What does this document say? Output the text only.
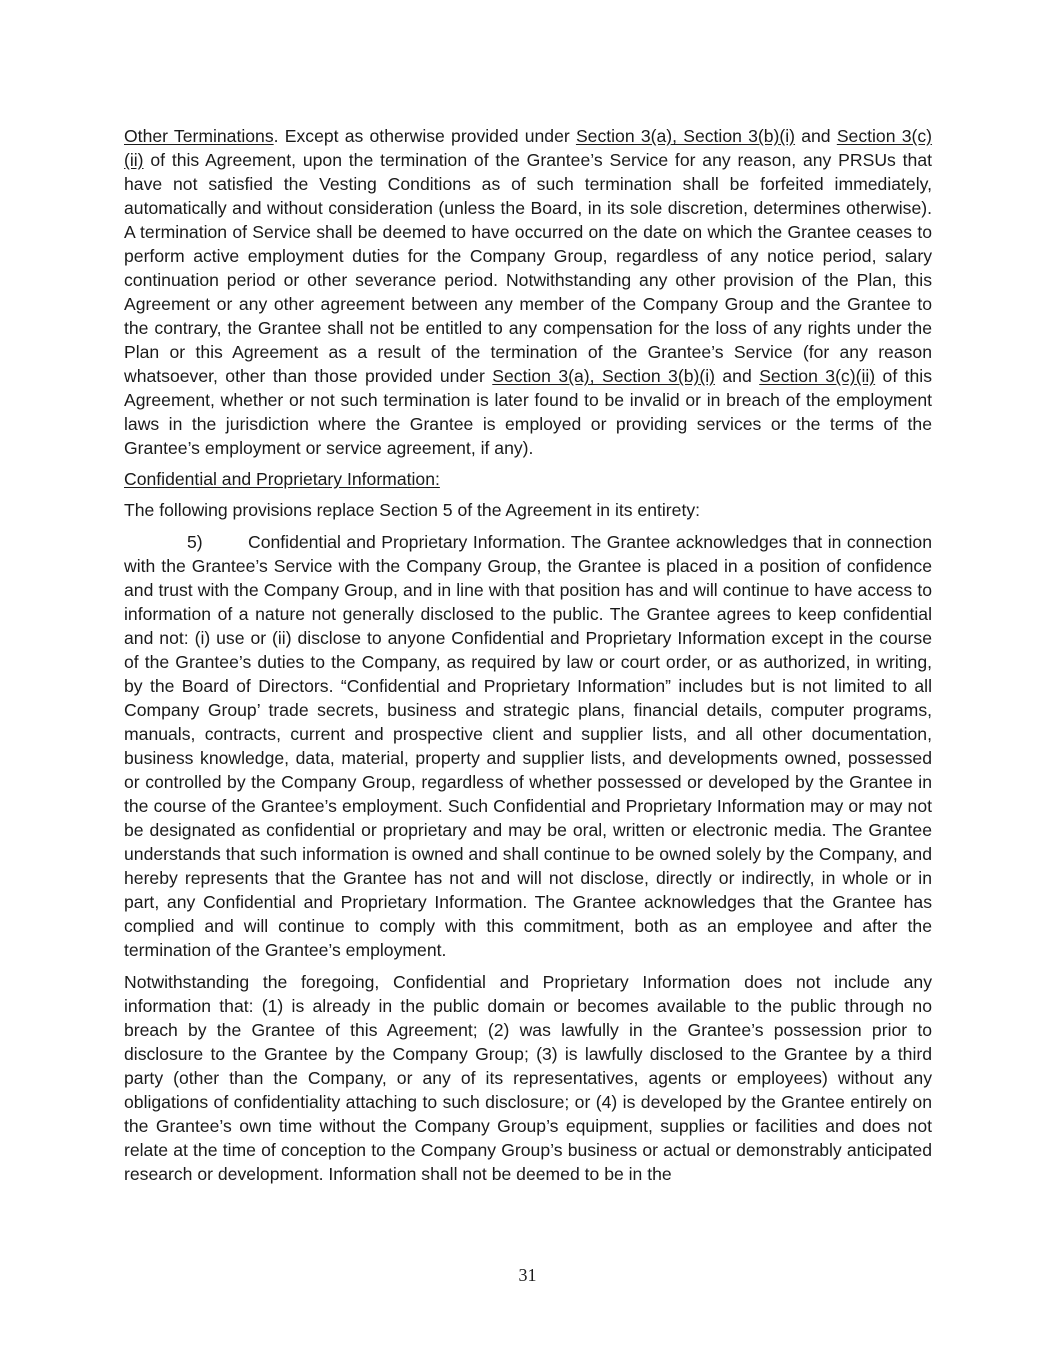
Other Terminations. Except as otherwise provided under Section 3(a), Section 3(b)(i) and Section 3(c)(ii) of this Agreement, upon the termination of the Grantee’s Service for any reason, any PRSUs that have not satisfied the Vesting Conditions as of such termination shall be forfeited immediately, automatically and without consideration (unless the Board, in its sole discretion, determines otherwise). A termination of Service shall be deemed to have occurred on the date on which the Grantee ceases to perform active employment duties for the Company Group, regardless of any notice period, salary continuation period or other severance period. Notwithstanding any other provision of the Plan, this Agreement or any other agreement between any member of the Company Group and the Grantee to the contrary, the Grantee shall not be entitled to any compensation for the loss of any rights under the Plan or this Agreement as a result of the termination of the Grantee’s Service (for any reason whatsoever, other than those provided under Section 3(a), Section 3(b)(i) and Section 3(c)(ii) of this Agreement, whether or not such termination is later found to be invalid or in breach of the employment laws in the jurisdiction where the Grantee is employed or providing services or the terms of the Grantee’s employment or service agreement, if any).

Confidential and Proprietary Information:

The following provisions replace Section 5 of the Agreement in its entirety:

5)	Confidential and Proprietary Information. The Grantee acknowledges that in connection with the Grantee’s Service with the Company Group, the Grantee is placed in a position of confidence and trust with the Company Group, and in line with that position has and will continue to have access to information of a nature not generally disclosed to the public. The Grantee agrees to keep confidential and not: (i) use or (ii) disclose to anyone Confidential and Proprietary Information except in the course of the Grantee’s duties to the Company, as required by law or court order, or as authorized, in writing, by the Board of Directors. “Confidential and Proprietary Information” includes but is not limited to all Company Group’ trade secrets, business and strategic plans, financial details, computer programs, manuals, contracts, current and prospective client and supplier lists, and all other documentation, business knowledge, data, material, property and supplier lists, and developments owned, possessed or controlled by the Company Group, regardless of whether possessed or developed by the Grantee in the course of the Grantee’s employment. Such Confidential and Proprietary Information may or may not be designated as confidential or proprietary and may be oral, written or electronic media. The Grantee understands that such information is owned and shall continue to be owned solely by the Company, and hereby represents that the Grantee has not and will not disclose, directly or indirectly, in whole or in part, any Confidential and Proprietary Information. The Grantee acknowledges that the Grantee has complied and will continue to comply with this commitment, both as an employee and after the termination of the Grantee’s employment.

Notwithstanding the foregoing, Confidential and Proprietary Information does not include any information that: (1) is already in the public domain or becomes available to the public through no breach by the Grantee of this Agreement; (2) was lawfully in the Grantee’s possession prior to disclosure to the Grantee by the Company Group; (3) is lawfully disclosed to the Grantee by a third party (other than the Company, or any of its representatives, agents or employees) without any obligations of confidentiality attaching to such disclosure; or (4) is developed by the Grantee entirely on the Grantee’s own time without the Company Group’s equipment, supplies or facilities and does not relate at the time of conception to the Company Group’s business or actual or demonstrably anticipated research or development. Information shall not be deemed to be in the

31
